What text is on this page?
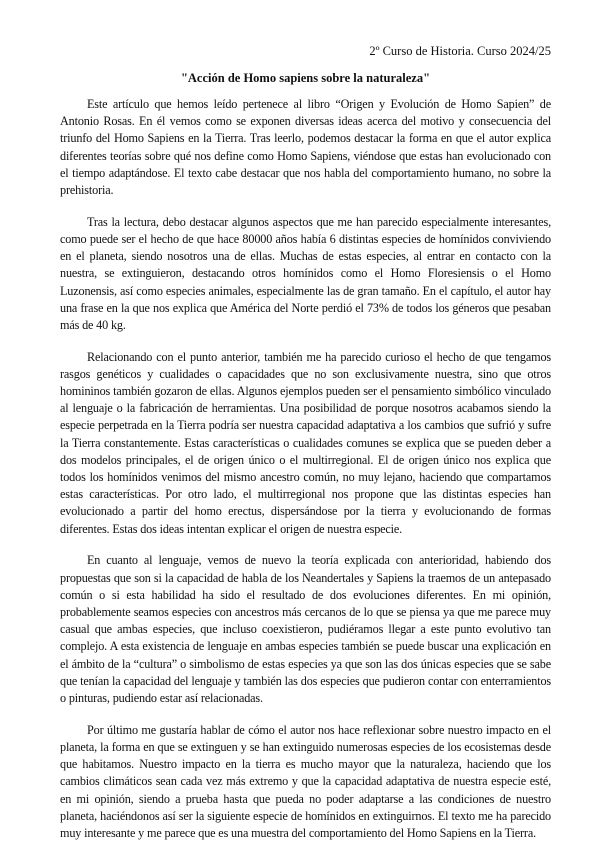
2º Curso de Historia. Curso 2024/25
"Acción de Homo sapiens sobre la naturaleza"

Este artículo que hemos leído pertenece al libro “Origen y Evolución de Homo Sapien” de Antonio Rosas. En él vemos como se exponen diversas ideas acerca del motivo y consecuencia del triunfo del Homo Sapiens en la Tierra. Tras leerlo, podemos destacar la forma en que el autor explica diferentes teorías sobre qué nos define como Homo Sapiens, viéndose que estas han evolucionado con el tiempo adaptándose. El texto cabe destacar que nos habla del comportamiento humano, no sobre la prehistoria.

Tras la lectura, debo destacar algunos aspectos que me han parecido especialmente interesantes, como puede ser el hecho de que hace 80000 años había 6 distintas especies de homínidos conviviendo en el planeta, siendo nosotros una de ellas. Muchas de estas especies, al entrar en contacto con la nuestra, se extinguieron, destacando otros homínidos como el Homo Floresiensis o el Homo Luzonensis, así como especies animales, especialmente las de gran tamaño. En el capítulo, el autor hay una frase en la que nos explica que América del Norte perdió el 73% de todos los géneros que pesaban más de 40 kg.

Relacionando con el punto anterior, también me ha parecido curioso el hecho de que tengamos rasgos genéticos y cualidades o capacidades que no son exclusivamente nuestra, sino que otros homininos también gozaron de ellas. Algunos ejemplos pueden ser el pensamiento simbólico vinculado al lenguaje o la fabricación de herramientas. Una posibilidad de porque nosotros acabamos siendo la especie perpetrada en la Tierra podría ser nuestra capacidad adaptativa a los cambios que sufrió y sufre la Tierra constantemente. Estas características o cualidades comunes se explica que se pueden deber a dos modelos principales, el de origen único o el multirregional. El de origen único nos explica que todos los homínidos venimos del mismo ancestro común, no muy lejano, haciendo que compartamos estas características. Por otro lado, el multirregional nos propone que las distintas especies han evolucionado a partir del homo erectus, dispersándose por la tierra y evolucionando de formas diferentes. Estas dos ideas intentan explicar el origen de nuestra especie.

En cuanto al lenguaje, vemos de nuevo la teoría explicada con anterioridad, habiendo dos propuestas que son si la capacidad de habla de los Neandertales y Sapiens la traemos de un antepasado común o si esta habilidad ha sido el resultado de dos evoluciones diferentes. En mi opinión, probablemente seamos especies con ancestros más cercanos de lo que se piensa ya que me parece muy casual que ambas especies, que incluso coexistieron, pudiéramos llegar a este punto evolutivo tan complejo. A esta existencia de lenguaje en ambas especies también se puede buscar una explicación en el ámbito de la “cultura” o simbolismo de estas especies ya que son las dos únicas especies que se sabe que tenían la capacidad del lenguaje y también las dos especies que pudieron contar con enterramientos o pinturas, pudiendo estar así relacionadas.

Por último me gustaría hablar de cómo el autor nos hace reflexionar sobre nuestro impacto en el planeta, la forma en que se extinguen y se han extinguido numerosas especies de los ecosistemas desde que habitamos. Nuestro impacto en la tierra es mucho mayor que la naturaleza, haciendo que los cambios climáticos sean cada vez más extremo y que la capacidad adaptativa de nuestra especie esté, en mi opinión, siendo a prueba hasta que pueda no poder adaptarse a las condiciones de nuestro planeta, haciéndonos así ser la siguiente especie de homínidos en extinguirnos. El texto me ha parecido muy interesante y me parece que es una muestra del comportamiento del Homo Sapiens en la Tierra.
